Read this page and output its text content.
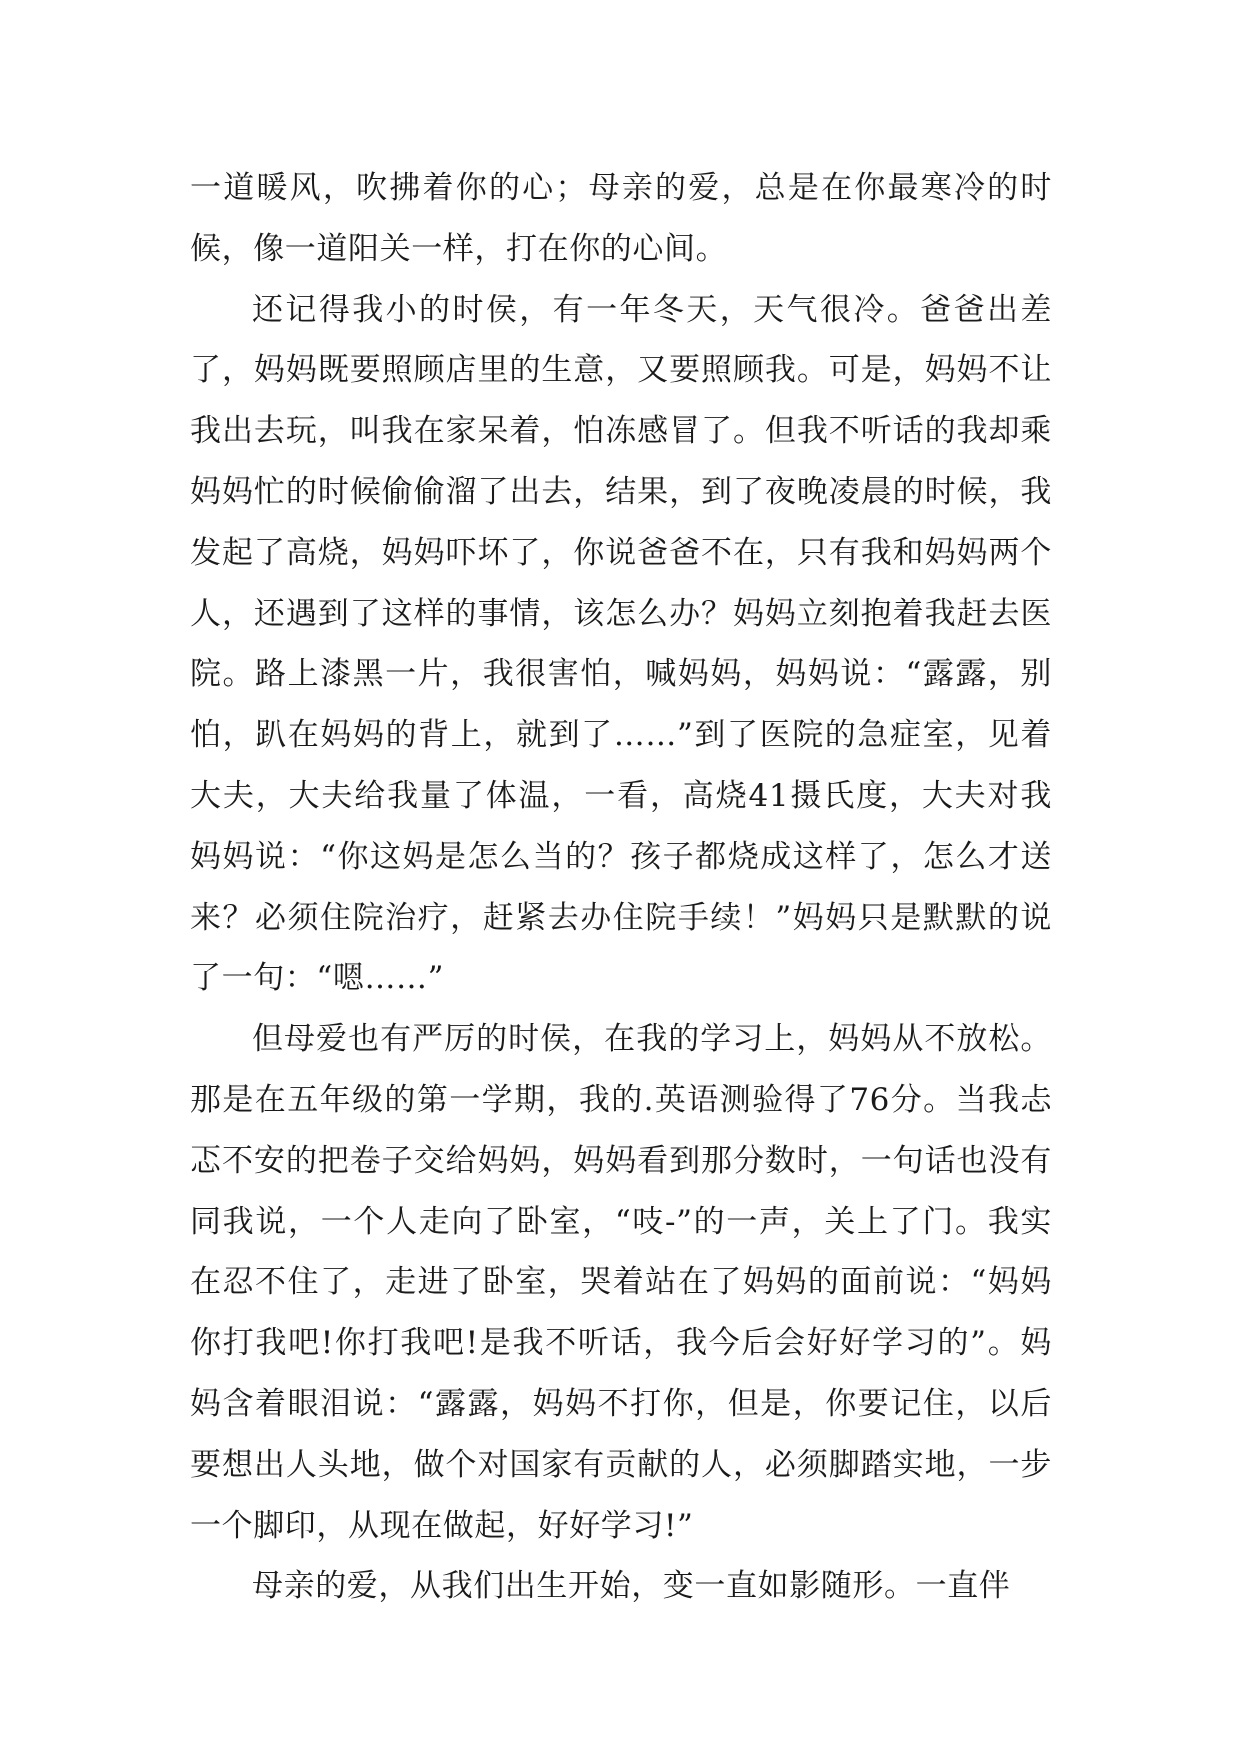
一道暖风，吹拂着你的心；母亲的爱，总是在你最寒冷的时候，像一道阳关一样，打在你的心间。

还记得我小的时侯，有一年冬天，天气很冷。爸爸出差了，妈妈既要照顾店里的生意，又要照顾我。可是，妈妈不让我出去玩，叫我在家呆着，怕冻感冒了。但我不听话的我却乘妈妈忙的时候偷偷溜了出去，结果，到了夜晚凌晨的时候，我发起了高烧，妈妈吓坏了，你说爸爸不在，只有我和妈妈两个人，还遇到了这样的事情，该怎么办？妈妈立刻抱着我赶去医院。路上漆黑一片，我很害怕，喊妈妈，妈妈说：“露露，别怕，趴在妈妈的背上，就到了……”到了医院的急症室，见着大夫，大夫给我量了体温，一看，高烧41摄氏度，大夫对我妈妈说：“你这妈是怎么当的？孩子都烧成这样了，怎么才送来？必须住院治疗，赶紧去办住院手续！”妈妈只是默默的说了一句：“嗯……”

但母爱也有严厉的时侯，在我的学习上，妈妈从不放松。那是在五年级的第一学期，我的.英语测验得了76分。当我忐忑不安的把卷子交给妈妈，妈妈看到那分数时，一句话也没有同我说，一个人走向了卧室，“吱-”的一声，关上了门。我实在忍不住了，走进了卧室，哭着站在了妈妈的面前说：“妈妈你打我吧!你打我吧!是我不听话，我今后会好好学习的”。妈妈含着眼泪说：“露露，妈妈不打你，但是，你要记住，以后要想出人头地，做个对国家有贡献的人，必须脚踏实地，一步一个脚印，从现在做起，好好学习!”

母亲的爱，从我们出生开始，变一直如影随形。一直伴
